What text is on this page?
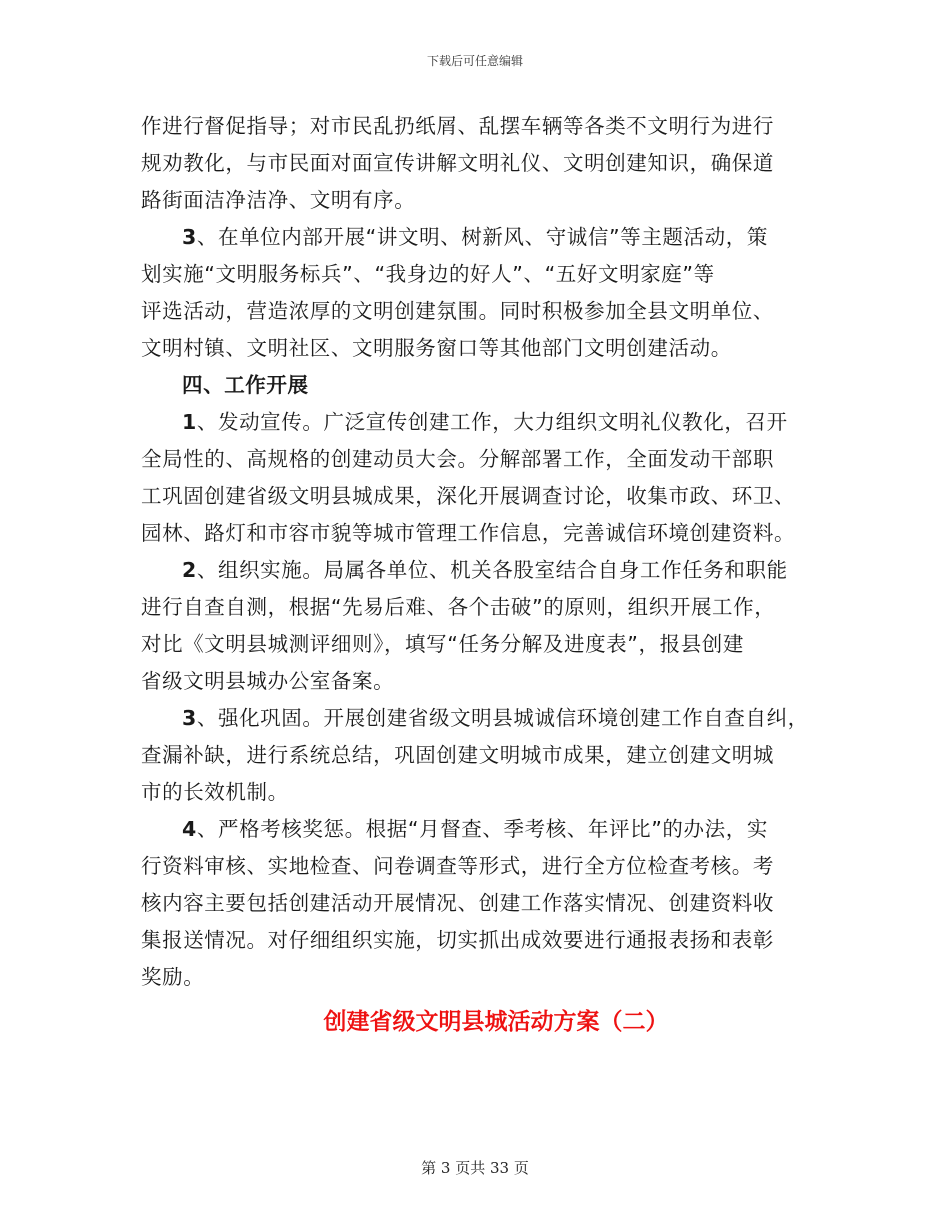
下载后可任意编辑
作进行督促指导；对市民乱扔纸屑、乱摆车辆等各类不文明行为进行
规劝教化，与市民面对面宣传讲解文明礼仪、文明创建知识，确保道
路街面洁净洁净、文明有序。
3、在单位内部开展“讲文明、树新风、守诚信”等主题活动，策
划实施“文明服务标兵”、“我身边的好人”、“五好文明家庭”等
评选活动，营造浓厚的文明创建氛围。同时积极参加全县文明单位、
文明村镇、文明社区、文明服务窗口等其他部门文明创建活动。
四、工作开展
1、发动宣传。广泛宣传创建工作，大力组织文明礼仪教化，召开
全局性的、高规格的创建动员大会。分解部署工作，全面发动干部职
工巩固创建省级文明县城成果，深化开展调查讨论，收集市政、环卫、
园林、路灯和市容市貌等城市管理工作信息，完善诚信环境创建资料。
2、组织实施。局属各单位、机关各股室结合自身工作任务和职能
进行自查自测，根据“先易后难、各个击破”的原则，组织开展工作，
对比《文明县城测评细则》，填写“任务分解及进度表”，报县创建
省级文明县城办公室备案。
3、强化巩固。开展创建省级文明县城诚信环境创建工作自查自纠，
查漏补缺，进行系统总结，巩固创建文明城市成果，建立创建文明城
市的长效机制。
4、严格考核奖惩。根据“月督查、季考核、年评比”的办法，实
行资料审核、实地检查、问卷调查等形式，进行全方位检查考核。考
核内容主要包括创建活动开展情况、创建工作落实情况、创建资料收
集报送情况。对仔细组织实施，切实抓出成效要进行通报表扬和表彰
奖励。
创建省级文明县城活动方案（二）
第 3 页共 33 页
